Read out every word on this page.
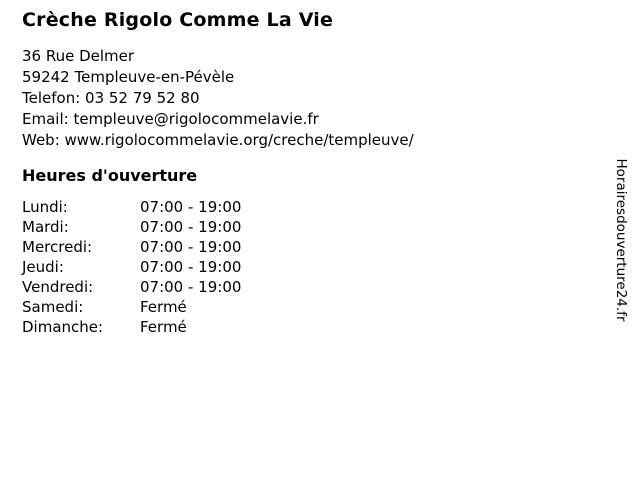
Crèche Rigolo Comme La Vie
36 Rue Delmer
59242 Templeuve-en-Pévèle
Telefon: 03 52 79 52 80
Email: templeuve@rigolocommelavie.fr
Web: www.rigolocommelavie.org/creche/templeuve/
Heures d'ouverture
Lundi:	07:00 - 19:00
Mardi:	07:00 - 19:00
Mercredi:	07:00 - 19:00
Jeudi:	07:00 - 19:00
Vendredi:	07:00 - 19:00
Samedi:	Fermé
Dimanche:	Fermé
Horairesdouverture24.fr
